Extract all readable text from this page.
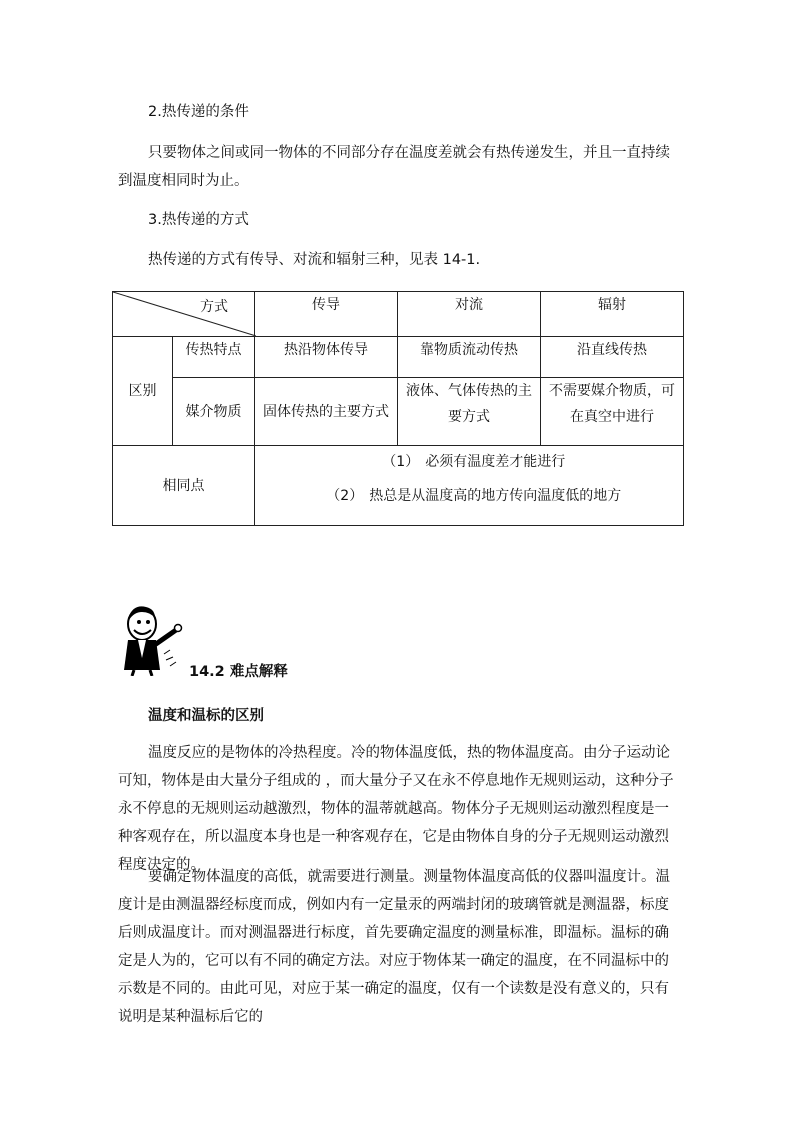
2.热传递的条件
只要物体之间或同一物体的不同部分存在温度差就会有热传递发生，并且一直持续到温度相同时为止。
3.热传递的方式
热传递的方式有传导、对流和辐射三种，见表 14-1.
方式		传导	对流	辐射
区别	传热特点	热沿物体传导	靠物质流动传热	沿直线传热
	媒介物质	固体传热的主要方式	液体、气体传热的主要方式	不需要媒介物质，可在真空中进行
相同点		（1） 必须有温度差才能进行
（2） 热总是从温度高的地方传向温度低的地方		
14.2 难点解释
温度和温标的区别
温度反应的是物体的冷热程度。冷的物体温度低，热的物体温度高。由分子运动论可知，物体是由大量分子组成的 ，而大量分子又在永不停息地作无规则运动，这种分子永不停息的无规则运动越激烈，物体的温蒂就越高。物体分子无规则运动激烈程度是一种客观存在，所以温度本身也是一种客观存在，它是由物体自身的分子无规则运动激烈程度决定的。
要确定物体温度的高低，就需要进行测量。测量物体温度高低的仪器叫温度计。温度计是由测温器经标度而成，例如内有一定量汞的两端封闭的玻璃管就是测温器，标度后则成温度计。而对测温器进行标度，首先要确定温度的测量标准，即温标。温标的确定是人为的，它可以有不同的确定方法。对应于物体某一确定的温度，在不同温标中的示数是不同的。由此可见，对应于某一确定的温度，仅有一个读数是没有意义的，只有说明是某种温标后它的
